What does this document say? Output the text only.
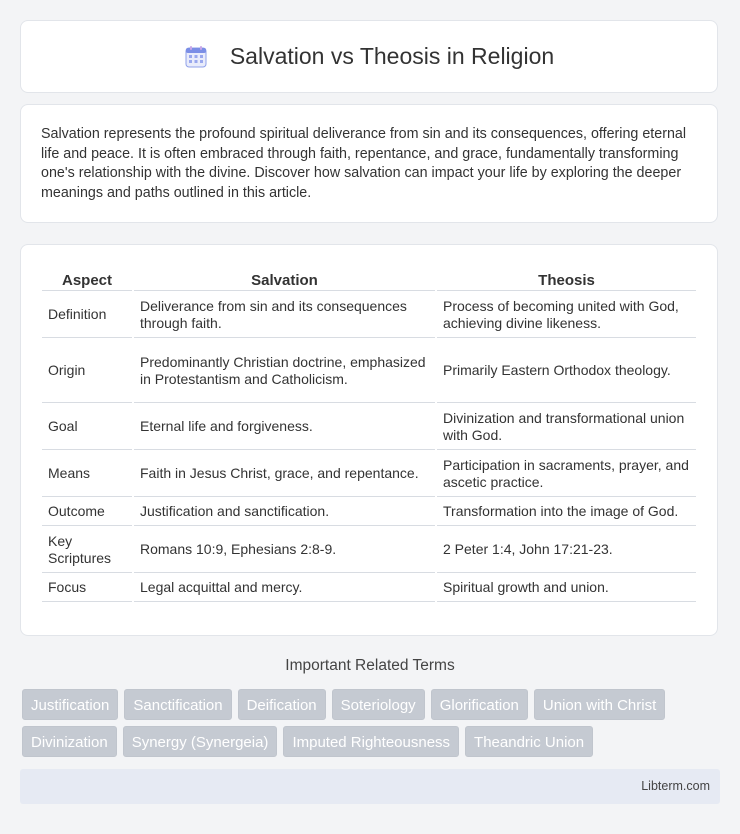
Salvation vs Theosis in Religion

Salvation represents the profound spiritual deliverance from sin and its consequences, offering eternal life and peace. It is often embraced through faith, repentance, and grace, fundamentally transforming one's relationship with the divine. Discover how salvation can impact your life by exploring the deeper meanings and paths outlined in this article.

Aspect	Salvation	Theosis
Definition	Deliverance from sin and its consequences through faith.	Process of becoming united with God, achieving divine likeness.
Origin	Predominantly Christian doctrine, emphasized in Protestantism and Catholicism.	Primarily Eastern Orthodox theology.
Goal	Eternal life and forgiveness.	Divinization and transformational union with God.
Means	Faith in Jesus Christ, grace, and repentance.	Participation in sacraments, prayer, and ascetic practice.
Outcome	Justification and sanctification.	Transformation into the image of God.
Key Scriptures	Romans 10:9, Ephesians 2:8-9.	2 Peter 1:4, John 17:21-23.
Focus	Legal acquittal and mercy.	Spiritual growth and union.
Important Related Terms
Justification	Sanctification	Deification	Soteriology	Glorification	Union with Christ
Divinization	Synergy (Synergeia)	Imputed Righteousness	Theandric Union
Libterm.com
